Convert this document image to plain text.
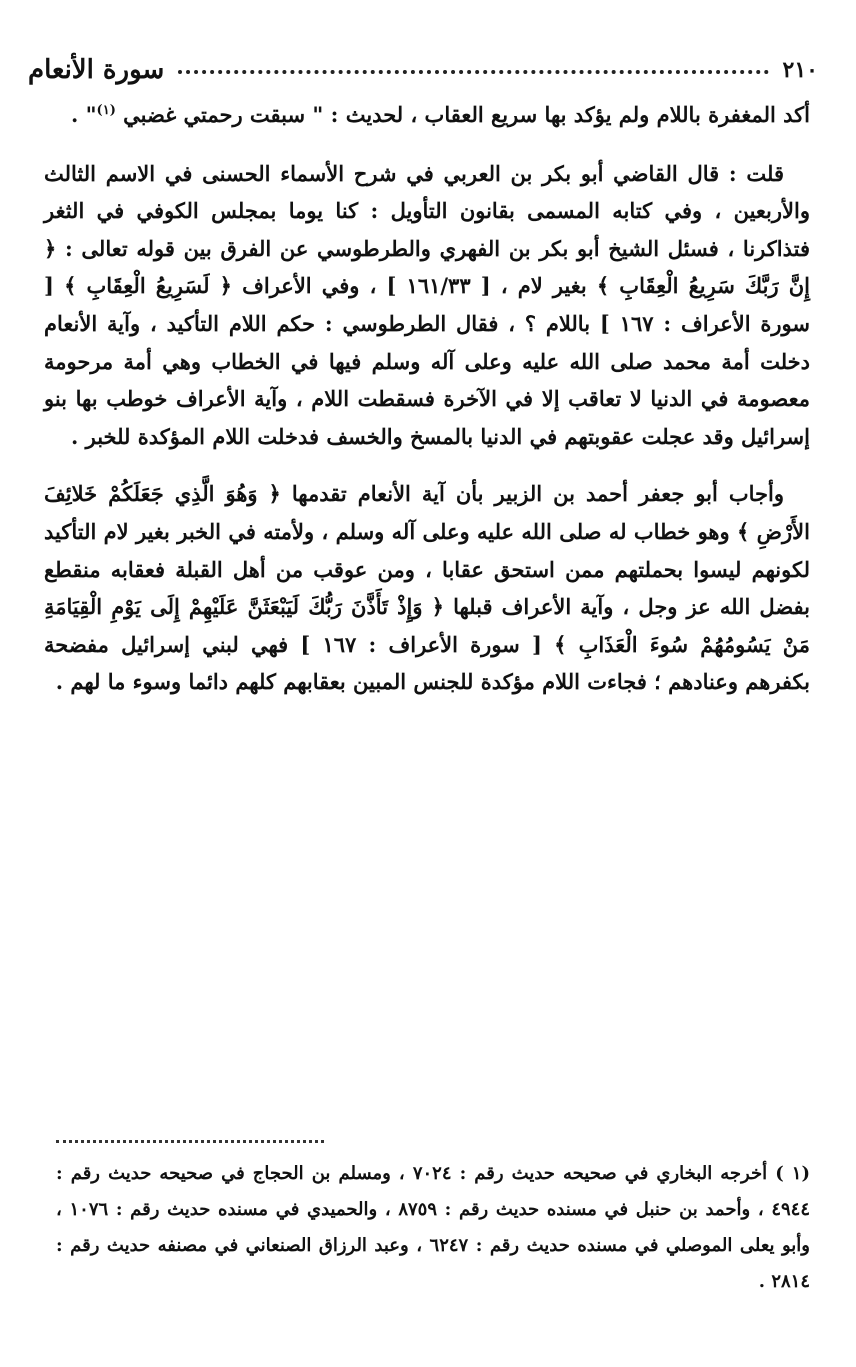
٢١٠
سورة الأنعام

أكد المغفرة باللام ولم يؤكد بها سريع العقاب ، لحديث : " سبقت رحمتي غضبي $^{(١)}$" .

قلت : قال القاضي أبو بكر بن العربي في شرح الأسماء الحسنى في الاسم الثالث والأربعين ، وفي كتابه المسمى بقانون التأويل : كنا يوما بمجلس الكوفي في الثغر فتذاكرنا ، فسئل الشيخ أبو بكر بن الفهري والطرطوسي عن الفرق بين قوله تعالى : ﴿ إِنَّ رَبَّكَ سَرِيعُ الْعِقَابِ ﴾ بغير لام ، [ ١٦١/٣٣ ] ، وفي الأعراف ﴿ لَسَرِيعُ الْعِقَابِ ﴾ [ سورة الأعراف : ١٦٧ ] باللام ؟ ، فقال الطرطوسي : حكم اللام التأكيد ، وآية الأنعام دخلت أمة محمد صلى الله عليه وعلى آله وسلم فيها في الخطاب وهي أمة مرحومة معصومة في الدنيا لا تعاقب إلا في الآخرة فسقطت اللام ، وآية الأعراف خوطب بها بنو إسرائيل وقد عجلت عقوبتهم في الدنيا بالمسخ والخسف فدخلت اللام المؤكدة للخبر .

وأجاب أبو جعفر أحمد بن الزبير بأن آية الأنعام تقدمها ﴿ وَهُوَ الَّذِي جَعَلَكُمْ خَلائِفَ الأَرْضِ ﴾ وهو خطاب له صلى الله عليه وعلى آله وسلم ، ولأمته في الخبر بغير لام التأكيد لكونهم ليسوا بحملتهم ممن استحق عقابا ، ومن عوقب من أهل القبلة فعقابه منقطع بفضل الله عز وجل ، وآية الأعراف قبلها ﴿ وَإِذْ تَأَذَّنَ رَبُّكَ لَيَبْعَثَنَّ عَلَيْهِمْ إِلَى يَوْمِ الْقِيَامَةِ مَنْ يَسُومُهُمْ سُوءَ الْعَذَابِ ﴾ [ سورة الأعراف : ١٦٧ ] فهي لبني إسرائيل مفضحة بكفرهم وعنادهم ؛ فجاءت اللام مؤكدة للجنس المبين بعقابهم كلهم دائما وسوء ما لهم .

(١ ) أخرجه البخاري في صحيحه حديث رقم : ٧٠٢٤ ، ومسلم بن الحجاج في صحيحه حديث رقم : ٤٩٤٤ ، وأحمد بن حنبل في مسنده حديث رقم : ٨٧٥٩ ، والحميدي في مسنده حديث رقم : ١٠٧٦ ، وأبو يعلى الموصلي في مسنده حديث رقم : ٦٢٤٧ ، وعبد الرزاق الصنعاني في مصنفه حديث رقم : ٢٨١٤ .
